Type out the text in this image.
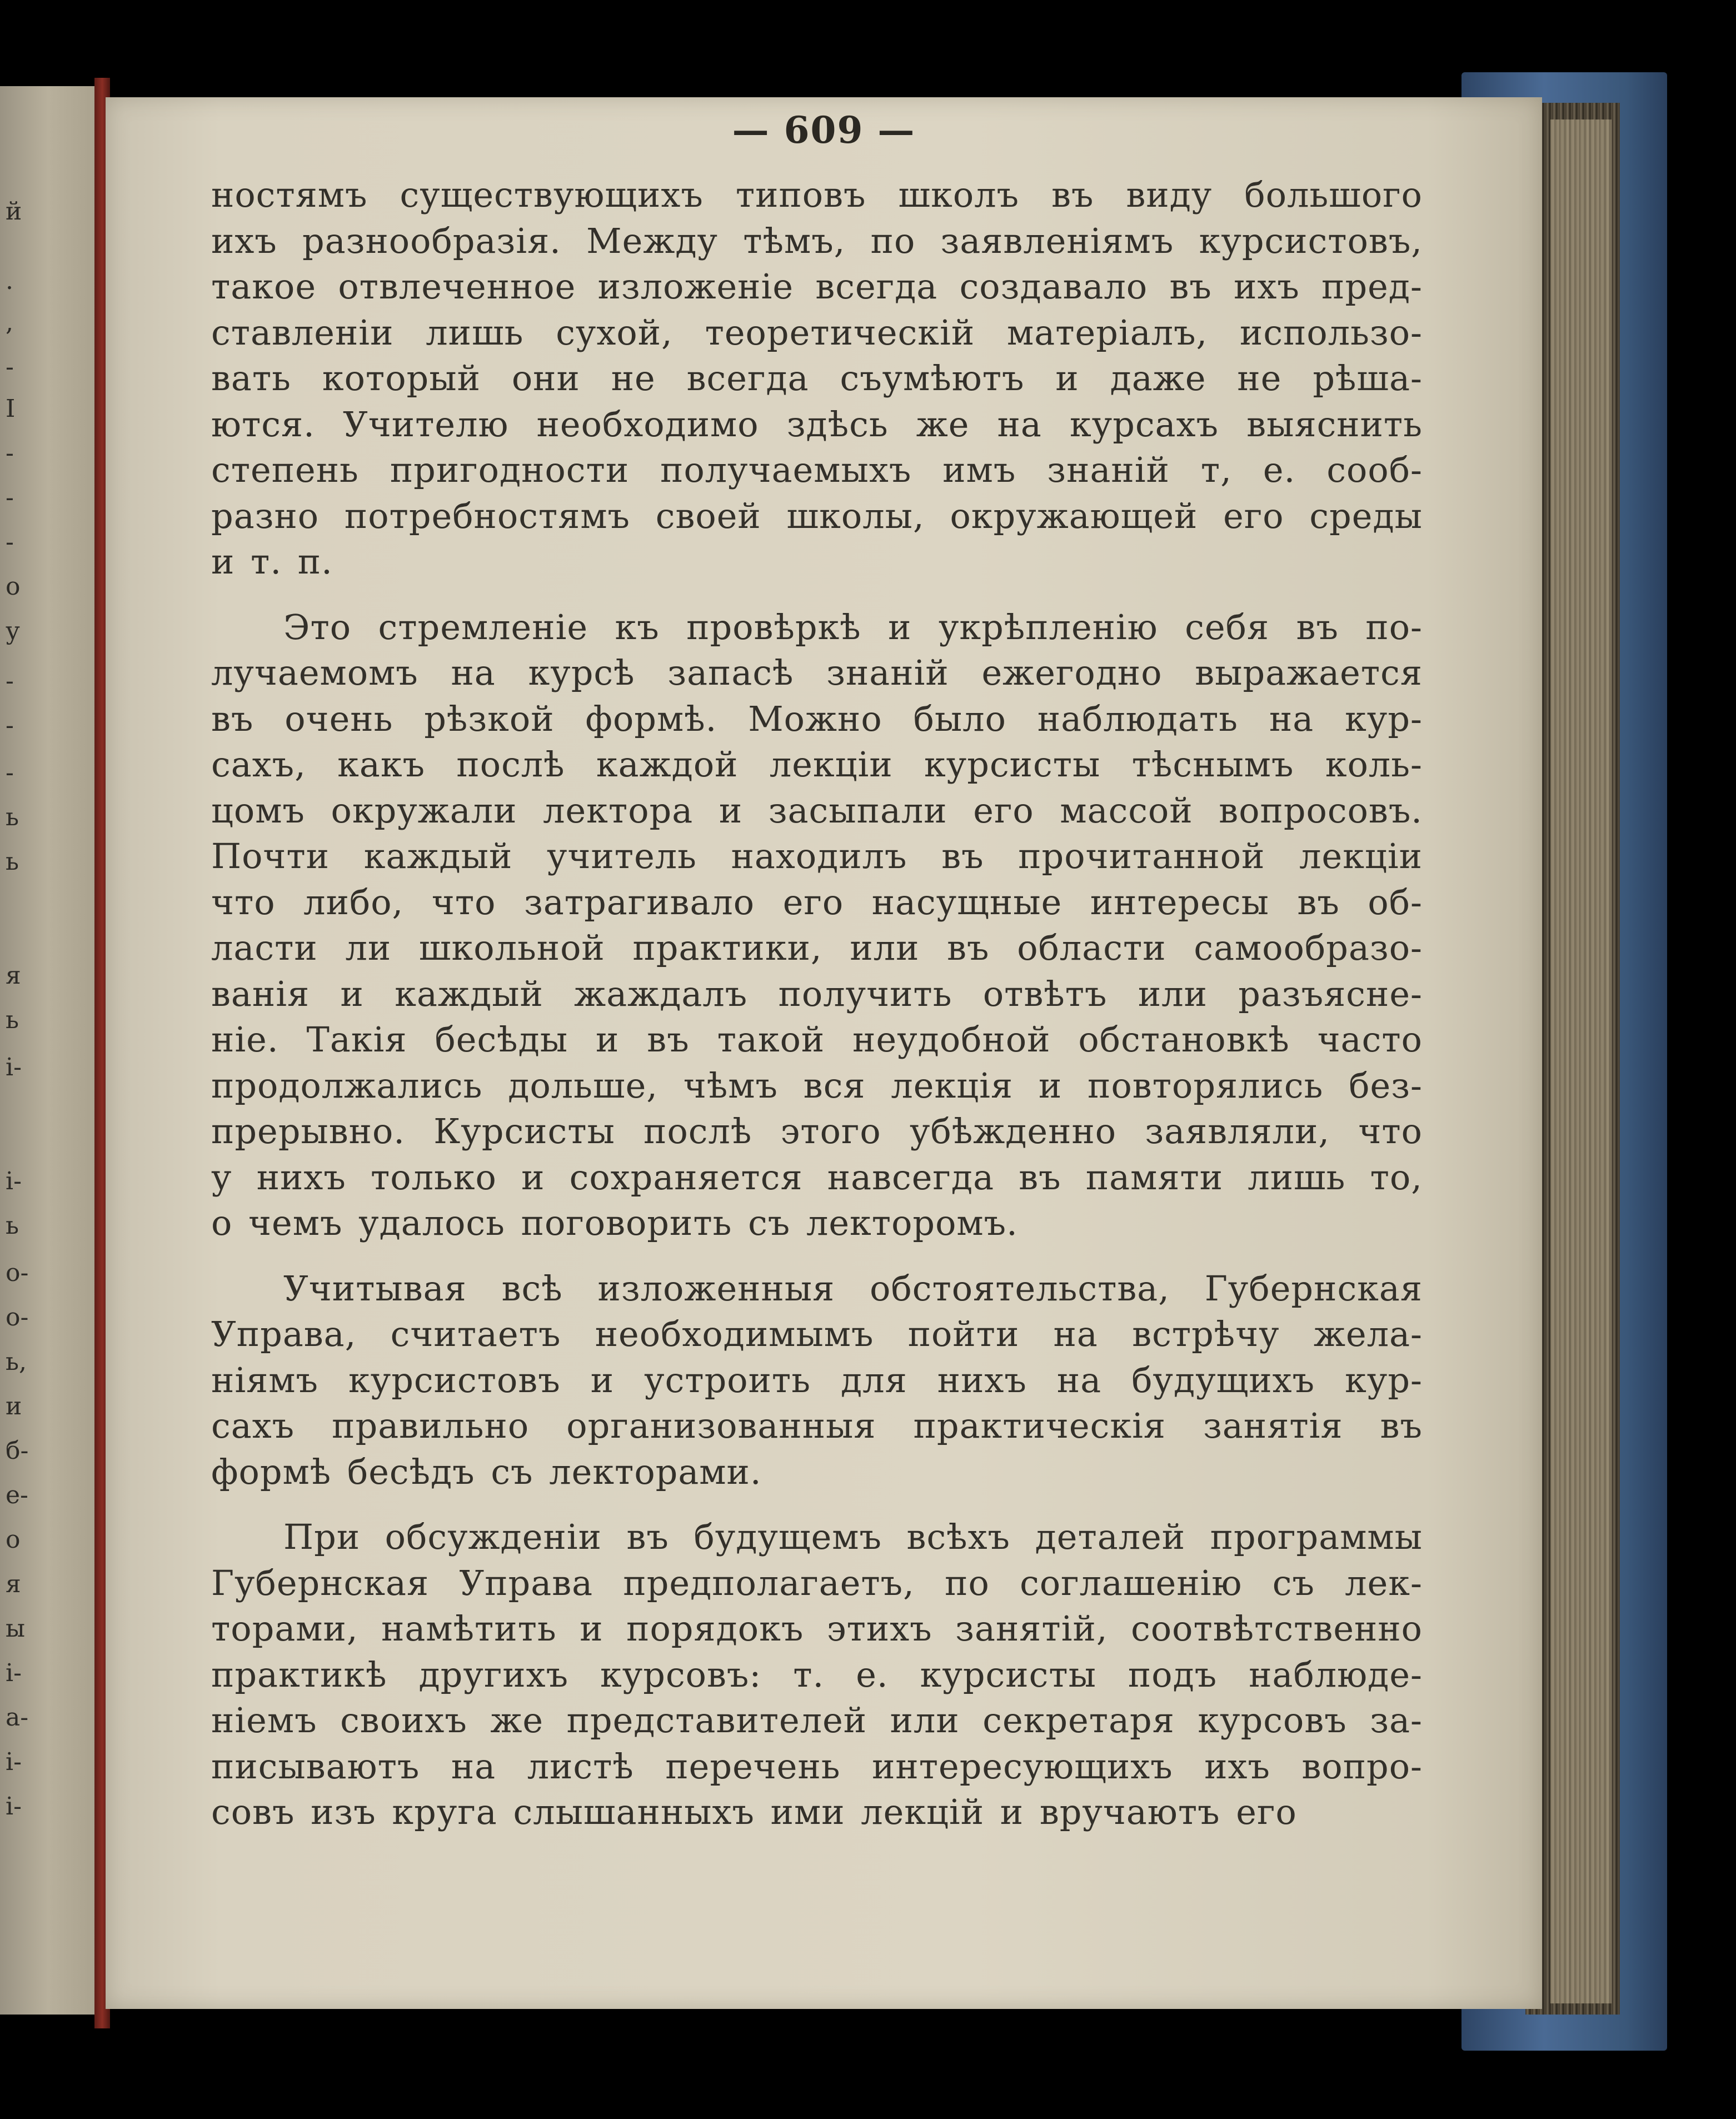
й
.
,
-
I
-
-
-
о
у
-
-
-
ь
ь
я
ь
i-
i-
ь
о-
о-
ь,
и
б-
е-
о
я
ы
i-
а-
i-
i-
— 609 —

ностямъ существующихъ типовъ школъ въ виду большого

ихъ разнообразія. Между тѣмъ, по заявленіямъ курсистовъ,

такое отвлеченное изложеніе всегда создавало въ ихъ пред-

ставленіи лишь сухой, теоретическій матеріалъ, использо-

вать который они не всегда съумѣютъ и даже не рѣша-

ются. Учителю необходимо здѣсь же на курсахъ выяснить

степень пригодности получаемыхъ имъ знаній т, е. сооб-

разно потребностямъ своей школы, окружающей его среды

и т. п.

Это стремленіе къ провѣркѣ и укрѣпленію себя въ по-

лучаемомъ на курсѣ запасѣ знаній ежегодно выражается

въ очень рѣзкой формѣ. Можно было наблюдать на кур-

сахъ, какъ послѣ каждой лекціи курсисты тѣснымъ коль-

цомъ окружали лектора и засыпали его массой вопросовъ.

Почти каждый учитель находилъ въ прочитанной лекціи

что либо, что затрагивало его насущные интересы въ об-

ласти ли школьной практики, или въ области самообразо-

ванія и каждый жаждалъ получить отвѣтъ или разъясне-

ніе. Такія бесѣды и въ такой неудобной обстановкѣ часто

продолжались дольше, чѣмъ вся лекція и повторялись без-

прерывно. Курсисты послѣ этого убѣжденно заявляли, что

у нихъ только и сохраняется навсегда въ памяти лишь то,

о чемъ удалось поговорить съ лекторомъ.

Учитывая всѣ изложенныя обстоятельства, Губернская

Управа, считаетъ необходимымъ пойти на встрѣчу жела-

ніямъ курсистовъ и устроить для нихъ на будущихъ кур-

сахъ правильно организованныя практическія занятія въ

формѣ бесѣдъ съ лекторами.

При обсужденіи въ будущемъ всѣхъ деталей программы

Губернская Управа предполагаетъ, по соглашенію съ лек-

торами, намѣтить и порядокъ этихъ занятій, соотвѣтственно

практикѣ другихъ курсовъ: т. е. курсисты подъ наблюде-

ніемъ своихъ же представителей или секретаря курсовъ за-

писываютъ на листѣ перечень интересующихъ ихъ вопро-

совъ изъ круга слышанныхъ ими лекцій и вручаютъ его
